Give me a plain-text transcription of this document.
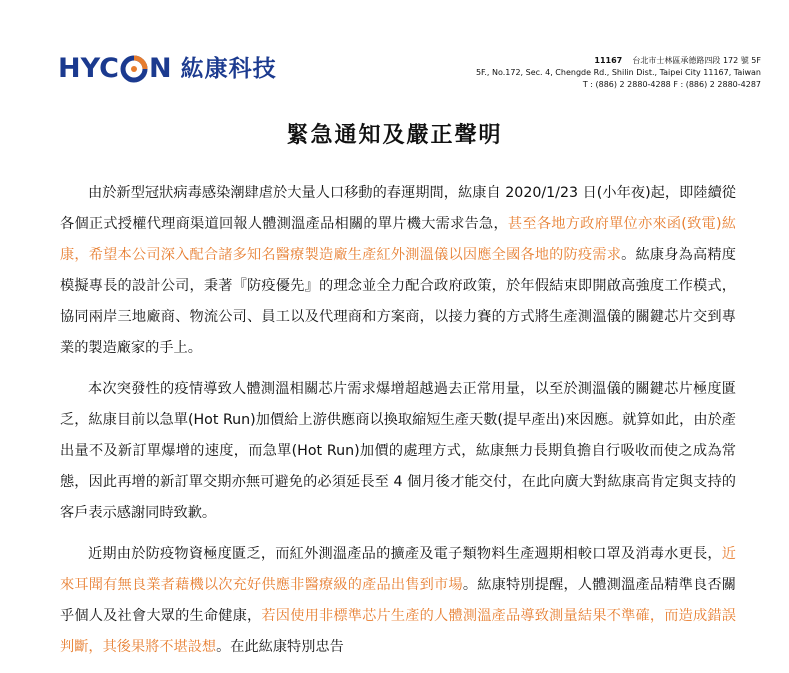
HYC N 紘康科技	11167 台北市士林區承德路四段 172 號 5F
5F., No.172, Sec. 4, Chengde Rd., Shilin Dist., Taipei City 11167, Taiwan
T : (886) 2 2880-4288 F : (886) 2 2880-4287
緊急通知及嚴正聲明

由於新型冠狀病毒感染潮肆虐於大量人口移動的春運期間，紘康自 2020/1/23 日(小年夜)起，即陸續從各個正式授權代理商渠道回報人體測溫產品相關的單片機大需求告急，甚至各地方政府單位亦來函(致電)紘康，希望本公司深入配合諸多知名醫療製造廠生產紅外測溫儀以因應全國各地的防疫需求。紘康身為高精度模擬專長的設計公司，秉著『防疫優先』的理念並全力配合政府政策，於年假結束即開啟高強度工作模式，協同兩岸三地廠商、物流公司、員工以及代理商和方案商，以接力賽的方式將生產測溫儀的關鍵芯片交到專業的製造廠家的手上。

本次突發性的疫情導致人體測溫相關芯片需求爆增超越過去正常用量，以至於測溫儀的關鍵芯片極度匱乏，紘康目前以急單(Hot Run)加價給上游供應商以換取縮短生產天數(提早產出)來因應。就算如此，由於產出量不及新訂單爆增的速度，而急單(Hot Run)加價的處理方式，紘康無力長期負擔自行吸收而使之成為常態，因此再增的新訂單交期亦無可避免的必須延長至 4 個月後才能交付，在此向廣大對紘康高肯定與支持的客戶表示感謝同時致歉。

近期由於防疫物資極度匱乏，而紅外測溫產品的擴產及電子類物料生產週期相較口罩及消毒水更長，近來耳聞有無良業者藉機以次充好供應非醫療級的產品出售到市場。紘康特別提醒，人體測溫產品精準良否關乎個人及社會大眾的生命健康，若因使用非標準芯片生產的人體測溫產品導致測量結果不準確，而造成錯誤判斷，其後果將不堪設想。在此紘康特別忠告
